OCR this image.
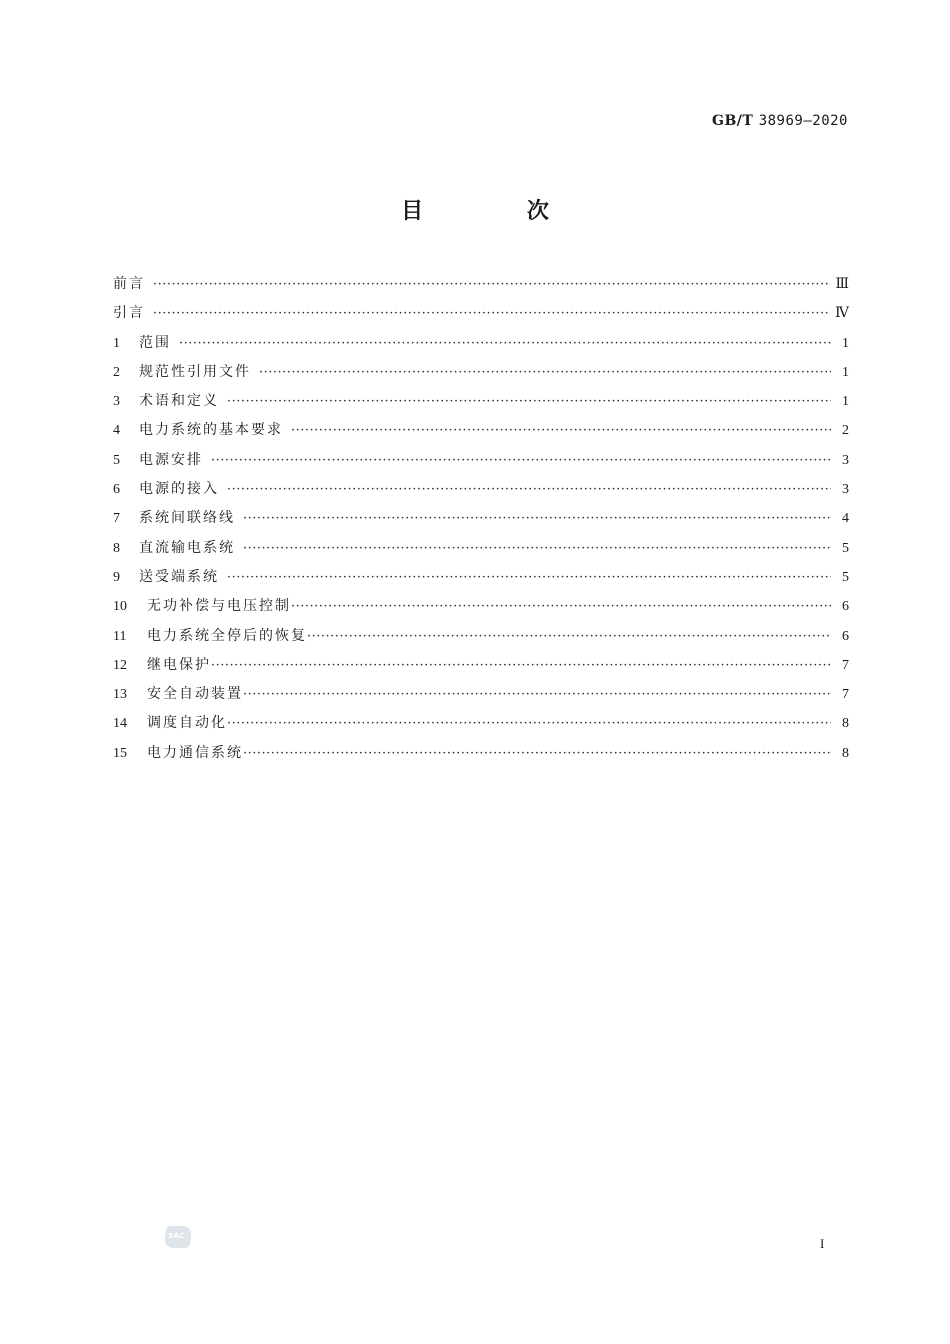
GB/T 38969—2020
目 次
前言 ·····	Ⅲ
引言 ·····	Ⅳ
1	范围 ·····	1
2	规范性引用文件 ·····	1
3	术语和定义 ·····	1
4	电力系统的基本要求 ·····	2
5	电源安排 ·····	3
6	电源的接入 ·····	3
7	系统间联络线 ·····	4
8	直流输电系统 ·····	5
9	送受端系统 ·····	5
10	无功补偿与电压控制 ·····	6
11	电力系统全停后的恢复 ·····	6
12	继电保护 ·····	7
13	安全自动装置 ·····	7
14	调度自动化 ·····	8
15	电力通信系统 ·····	8
SAC	I
